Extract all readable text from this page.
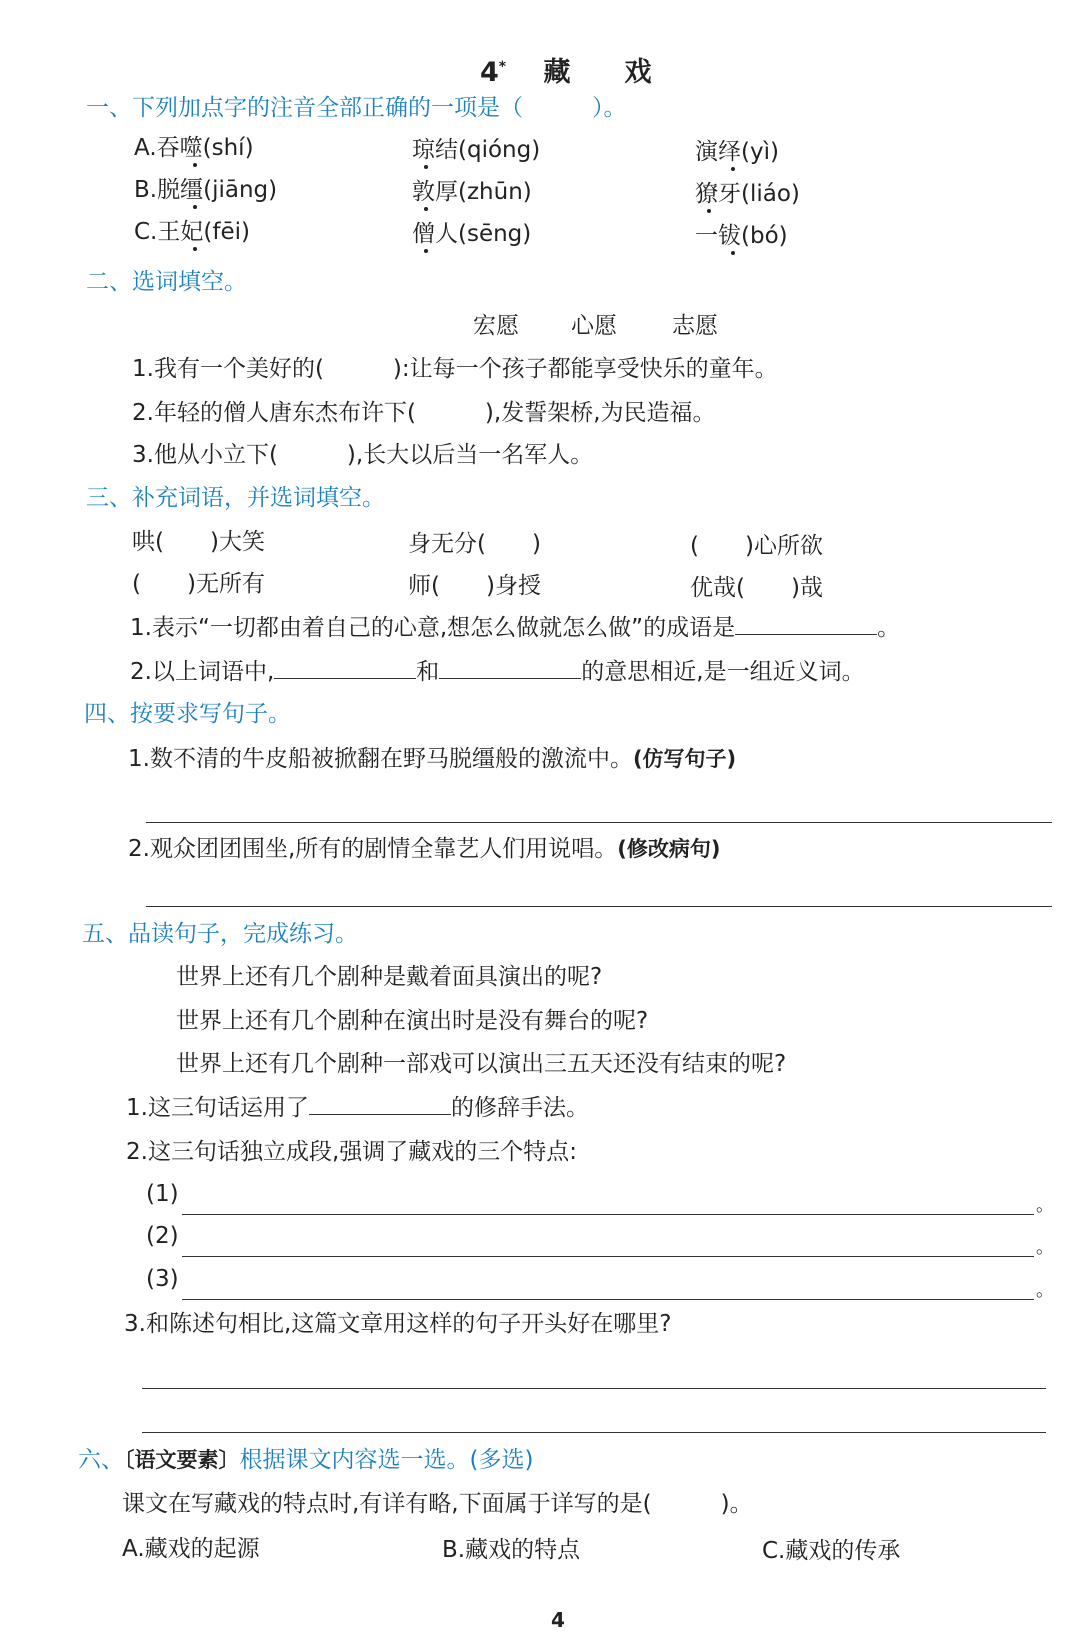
4* 藏　　戏
一、下列加点字的注音全部正确的一项是（　　　）。
A.吞噬(shí)	琼结(qióng)	演绎(yì)
B.脱缰(jiāng)	敦厚(zhūn)	獠牙(liáo)
C.王妃(fēi)	僧人(sēng)	一钹(bó)
二、选词填空。
宏愿 心愿 志愿
1.我有一个美好的(　　　):让每一个孩子都能享受快乐的童年。
2.年轻的僧人唐东杰布许下(　　　),发誓架桥,为民造福。
3.他从小立下(　　　),长大以后当一名军人。
三、补充词语，并选词填空。
哄(　　)大笑	身无分(　　)	(　　)心所欲
(　　)无所有	师(　　)身授	优哉(　　)哉
1.表示“一切都由着自己的心意,想怎么做就怎么做”的成语是	。
2.以上词语中,	和	的意思相近,是一组近义词。
四、按要求写句子。
1.数不清的牛皮船被掀翻在野马脱缰般的激流中。(仿写句子)
2.观众团团围坐,所有的剧情全靠艺人们用说唱。(修改病句)
五、品读句子，完成练习。
世界上还有几个剧种是戴着面具演出的呢?
世界上还有几个剧种在演出时是没有舞台的呢?
世界上还有几个剧种一部戏可以演出三五天还没有结束的呢?
1.这三句话运用了	的修辞手法。
2.这三句话独立成段,强调了藏戏的三个特点:
(1)	。
(2)	。
(3)	。
3.和陈述句相比,这篇文章用这样的句子开头好在哪里?
六、〔语文要素〕根据课文内容选一选。(多选)
课文在写藏戏的特点时,有详有略,下面属于详写的是(　　　)。
A.藏戏的起源	B.藏戏的特点	C.藏戏的传承
4
